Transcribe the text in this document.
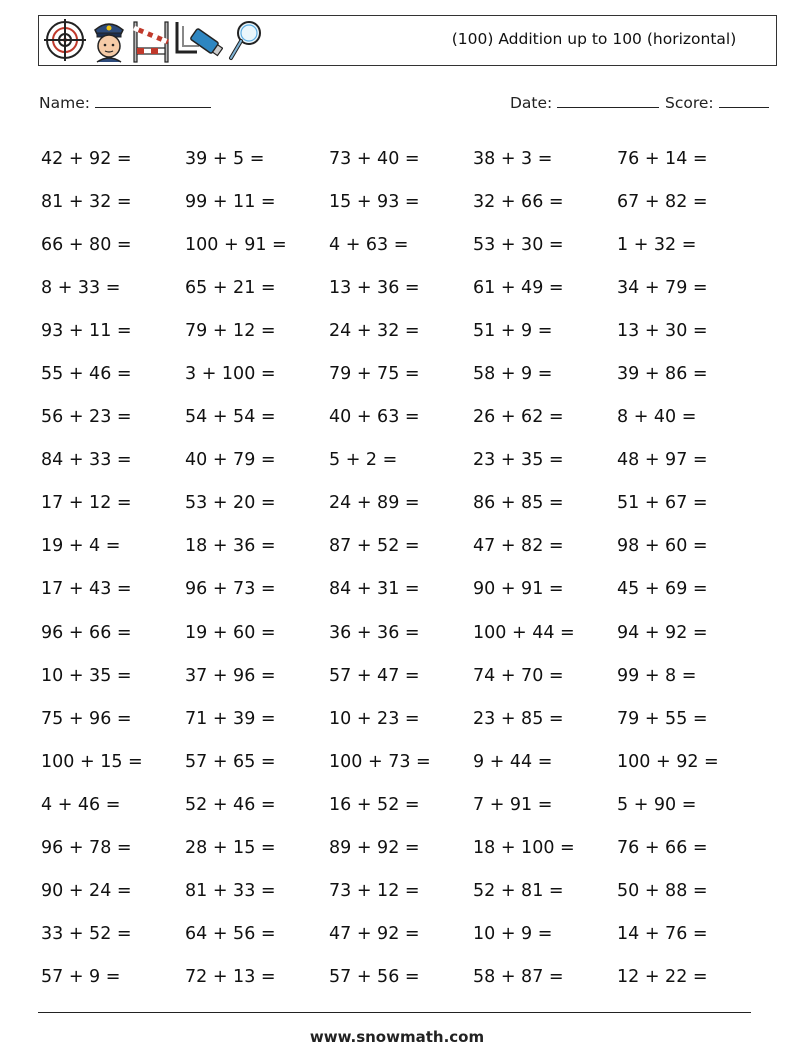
(100) Addition up to 100 (horizontal)
Name:	Date:	Score:
42 + 92 =	39 + 5 =	73 + 40 =	38 + 3 =	76 + 14 =
81 + 32 =	99 + 11 =	15 + 93 =	32 + 66 =	67 + 82 =
66 + 80 =	100 + 91 =	4 + 63 =	53 + 30 =	1 + 32 =
8 + 33 =	65 + 21 =	13 + 36 =	61 + 49 =	34 + 79 =
93 + 11 =	79 + 12 =	24 + 32 =	51 + 9 =	13 + 30 =
55 + 46 =	3 + 100 =	79 + 75 =	58 + 9 =	39 + 86 =
56 + 23 =	54 + 54 =	40 + 63 =	26 + 62 =	8 + 40 =
84 + 33 =	40 + 79 =	5 + 2 =	23 + 35 =	48 + 97 =
17 + 12 =	53 + 20 =	24 + 89 =	86 + 85 =	51 + 67 =
19 + 4 =	18 + 36 =	87 + 52 =	47 + 82 =	98 + 60 =
17 + 43 =	96 + 73 =	84 + 31 =	90 + 91 =	45 + 69 =
96 + 66 =	19 + 60 =	36 + 36 =	100 + 44 =	94 + 92 =
10 + 35 =	37 + 96 =	57 + 47 =	74 + 70 =	99 + 8 =
75 + 96 =	71 + 39 =	10 + 23 =	23 + 85 =	79 + 55 =
100 + 15 =	57 + 65 =	100 + 73 =	9 + 44 =	100 + 92 =
4 + 46 =	52 + 46 =	16 + 52 =	7 + 91 =	5 + 90 =
96 + 78 =	28 + 15 =	89 + 92 =	18 + 100 =	76 + 66 =
90 + 24 =	81 + 33 =	73 + 12 =	52 + 81 =	50 + 88 =
33 + 52 =	64 + 56 =	47 + 92 =	10 + 9 =	14 + 76 =
57 + 9 =	72 + 13 =	57 + 56 =	58 + 87 =	12 + 22 =
www.snowmath.com
